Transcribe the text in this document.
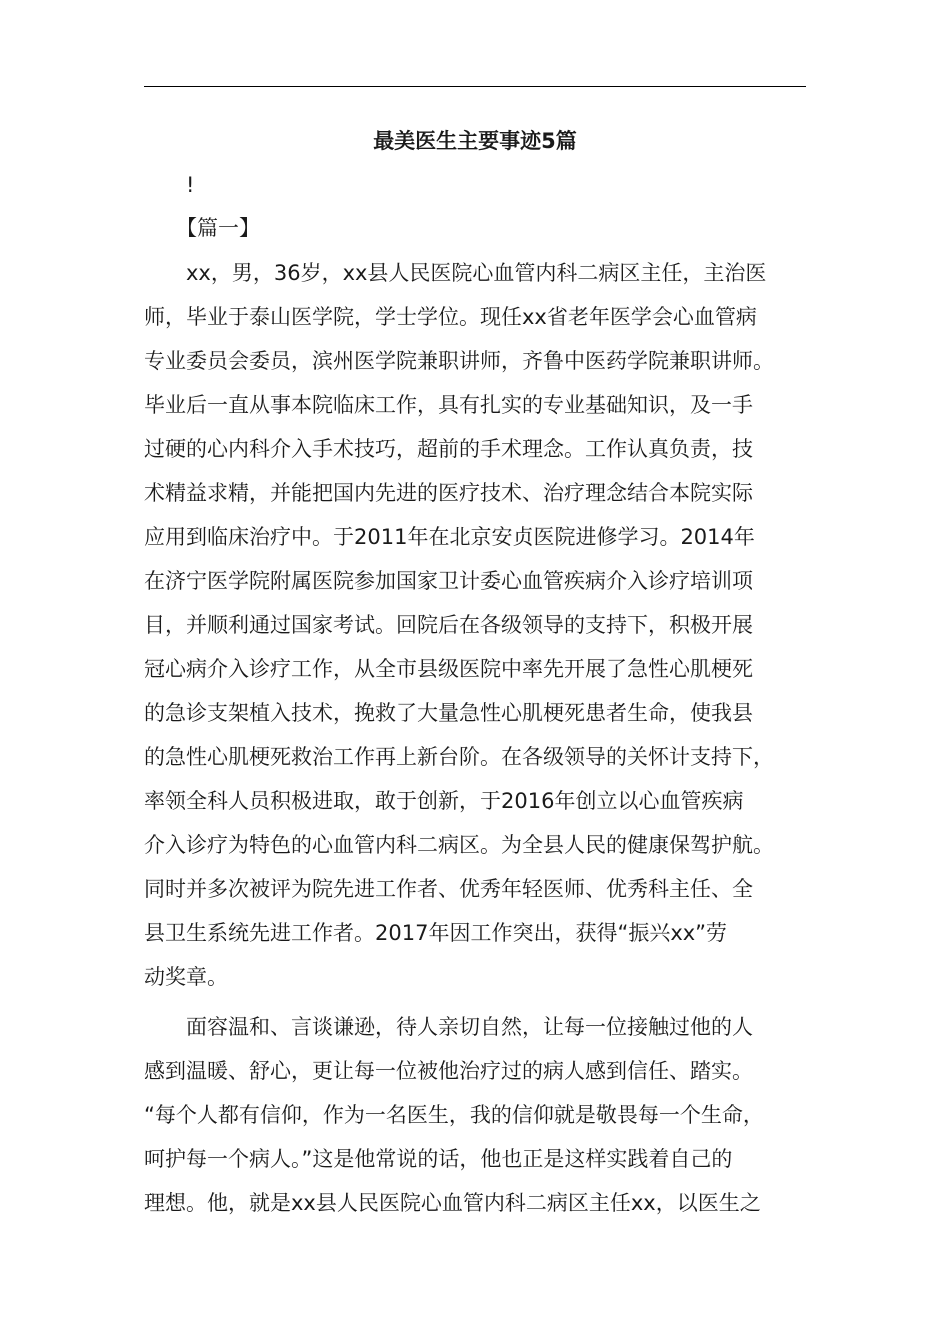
最美医生主要事迹5篇
!
【篇一】
xx，男，36岁，xx县人民医院心血管内科二病区主任，主治医
师，毕业于泰山医学院，学士学位。现任xx省老年医学会心血管病
专业委员会委员，滨州医学院兼职讲师，齐鲁中医药学院兼职讲师。
毕业后一直从事本院临床工作，具有扎实的专业基础知识，及一手
过硬的心内科介入手术技巧，超前的手术理念。工作认真负责，技
术精益求精，并能把国内先进的医疗技术、治疗理念结合本院实际
应用到临床治疗中。于2011年在北京安贞医院进修学习。2014年
在济宁医学院附属医院参加国家卫计委心血管疾病介入诊疗培训项
目，并顺利通过国家考试。回院后在各级领导的支持下，积极开展
冠心病介入诊疗工作，从全市县级医院中率先开展了急性心肌梗死
的急诊支架植入技术，挽救了大量急性心肌梗死患者生命，使我县
的急性心肌梗死救治工作再上新台阶。在各级领导的关怀计支持下，
率领全科人员积极进取，敢于创新，于2016年创立以心血管疾病
介入诊疗为特色的心血管内科二病区。为全县人民的健康保驾护航。
同时并多次被评为院先进工作者、优秀年轻医师、优秀科主任、全
县卫生系统先进工作者。2017年因工作突出，获得“振兴xx”劳
动奖章。
面容温和、言谈谦逊，待人亲切自然，让每一位接触过他的人
感到温暖、舒心，更让每一位被他治疗过的病人感到信任、踏实。
“每个人都有信仰，作为一名医生，我的信仰就是敬畏每一个生命，
呵护每一个病人。”这是他常说的话，他也正是这样实践着自己的
理想。他，就是xx县人民医院心血管内科二病区主任xx，以医生之
